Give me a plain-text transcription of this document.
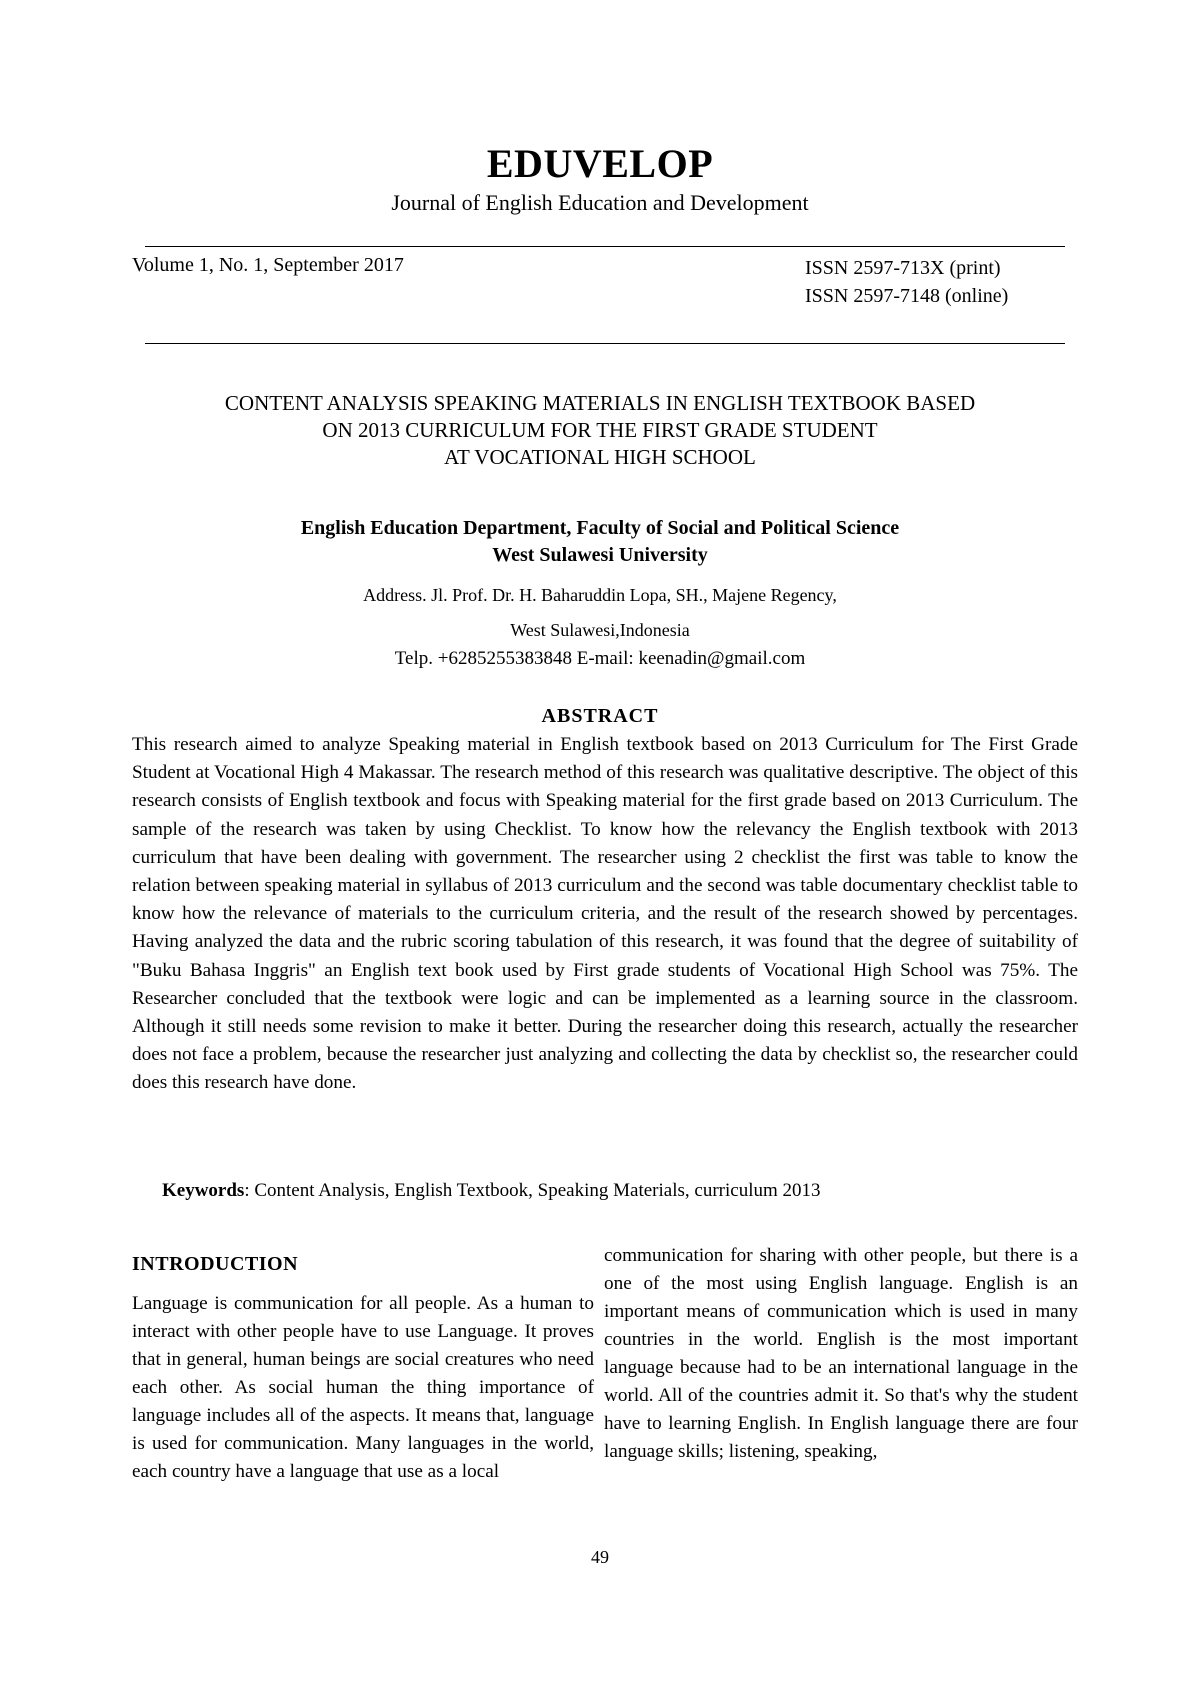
EDUVELOP
Journal of English Education and Development
Volume 1, No. 1, September 2017	ISSN 2597-713X (print)
ISSN 2597-7148 (online)
CONTENT ANALYSIS SPEAKING MATERIALS IN ENGLISH TEXTBOOK BASED
ON 2013 CURRICULUM FOR THE FIRST GRADE STUDENT
AT VOCATIONAL HIGH SCHOOL
English Education Department, Faculty of Social and Political Science
West Sulawesi University
Address. Jl. Prof. Dr. H. Baharuddin Lopa, SH., Majene Regency,
West Sulawesi,Indonesia
Telp. +6285255383848 E-mail: keenadin@gmail.com
ABSTRACT
This research aimed to analyze Speaking material in English textbook based on 2013 Curriculum for The First Grade Student at Vocational High 4 Makassar. The research method of this research was qualitative descriptive. The object of this research consists of English textbook and focus with Speaking material for the first grade based on 2013 Curriculum. The sample of the research was taken by using Checklist. To know how the relevancy the English textbook with 2013 curriculum that have been dealing with government. The researcher using 2 checklist the first was table to know the relation between speaking material in syllabus of 2013 curriculum and the second was table documentary checklist table to know how the relevance of materials to the curriculum criteria, and the result of the research showed by percentages. Having analyzed the data and the rubric scoring tabulation of this research, it was found that the degree of suitability of "Buku Bahasa Inggris" an English text book used by First grade students of Vocational High School was 75%. The Researcher concluded that the textbook were logic and can be implemented as a learning source in the classroom. Although it still needs some revision to make it better. During the researcher doing this research, actually the researcher does not face a problem, because the researcher just analyzing and collecting the data by checklist so, the researcher could does this research have done.
Keywords: Content Analysis, English Textbook, Speaking Materials, curriculum 2013
INTRODUCTION
Language is communication for all people. As a human to interact with other people have to use Language. It proves that in general, human beings are social creatures who need each other. As social human the thing importance of language includes all of the aspects. It means that, language is used for communication. Many languages in the world, each country have a language that use as a local
communication for sharing with other people, but there is a one of the most using English language. English is an important means of communication which is used in many countries in the world. English is the most important language because had to be an international language in the world. All of the countries admit it. So that's why the student have to learning English. In English language there are four language skills; listening, speaking,
49
